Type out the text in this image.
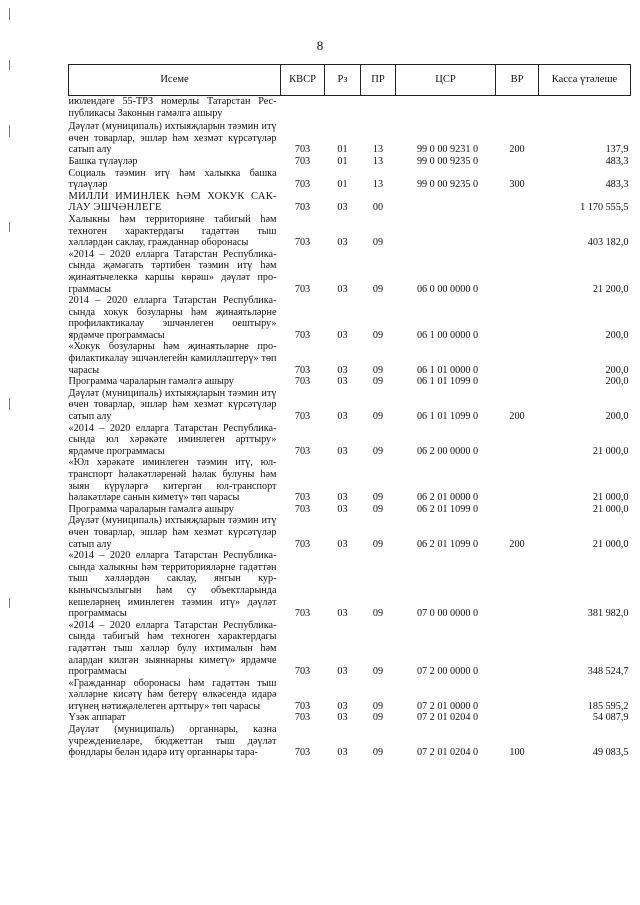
8
Исеме	КВСР	Рз	ПР	ЦСР	ВР	Касса үтәлеше
июлендәге 55-ТРЗ номерлы Татарстан Республикасы Законын гамәлгә ашыру						
Дәүләт (муниципаль) ихтыяҗларын тәэмин итү өчен товарлар, эшләр һәм хезмәт күрсәтүләр сатып алу	703	01	13	99 0 00 9231 0	200	137,9
Башка түләүләр	703	01	13	99 0 00 9235 0		483,3
Социаль тәэмин итү һәм халыкка башка түләүләр	703	01	13	99 0 00 9235 0	300	483,3
МИЛЛИ ИМИНЛЕК ҺӘМ ХОКУК САКЛАУ ЭШЧӘНЛЕГЕ	703	03	00			1 170 555,5
Халыкны һәм территорияне табигый һәм техноген характердагы гадәттән тыш хәлләрдән саклау, гражданнар оборонасы	703	03	09			403 182,0
«2014 – 2020 елларга Татарстан Республикасында җәмәгать тәртибен тәэмин итү һәм җинаятьчелеккә каршы көрәш» дәүләт программасы	703	03	09	06 0 00 0000 0		21 200,0
2014 – 2020 елларга Татарстан Республикасында хокук бозуларны һәм җинаятьләрне профилактикалау эшчәнлеген оештыру» ярдәмче программасы	703	03	09	06 1 00 0000 0		200,0
«Хокук бозуларны һәм җинаятьләрне профилактикалау эшчәнлегейн камилләштерү» төп чарасы	703	03	09	06 1 01 0000 0		200,0
Программа чараларын гамәлгә ашыру	703	03	09	06 1 01 1099 0		200,0
Дәүләт (муниципаль) ихтыяҗларын тәэмин итү өчен товарлар, эшләр һәм хезмәт күрсәтүләр сатып алу	703	03	09	06 1 01 1099 0	200	200,0
«2014 – 2020 елларга Татарстан Республикасында юл хәрәкәте иминлеген арттыру» ярдәмче программасы	703	03	09	06 2 00 0000 0		21 000,0
«Юл хәрәкәте иминлеген тәэмин итү, юл-транспорт һәлакәтләренәй һәлак булуны һәм зыян күрүләргә китергән юл-транспорт һәлакәтләре санын киметү» төп чарасы	703	03	09	06 2 01 0000 0		21 000,0
Программа чараларын гамәлгә ашыру	703	03	09	06 2 01 1099 0		21 000,0
Дәүләт (муниципаль) ихтыяҗларын тәэмин итү өчен товарлар, эшләр һәм хезмәт күрсәтүләр сатып алу	703	03	09	06 2 01 1099 0	200	21 000,0
«2014 – 2020 елларга Татарстан Республикасында халыкны һәм территорияләрне гадәттән тыш хәлләрдән саклау, янгын куркынычсызлыгын һәм су объектларында кешеләрнең иминлеген тәэмин итү» дәүләт программасы	703	03	09	07 0 00 0000 0		381 982,0
«2014 – 2020 елларга Татарстан Республикасында табигый һәм техноген характердагы гадәттән тыш хәлләр булу ихтималын һәм алардан килгән зыяннарны киметү» ярдәмче программасы	703	03	09	07 2 00 0000 0		348 524,7
«Гражданнар оборонасы һәм гадәттән тыш хәлләрне кисәтү һәм бетерү өлкәсендә идарә итүнең нәтиҗәлелеген арттыру» төп чарасы	703	03	09	07 2 01 0000 0		185 595,2
Үзәк аппарат	703	03	09	07 2 01 0204 0		54 087,9
Дәүләт (муниципаль) органнары, казна учреждениеләре, бюджеттан тыш дәүләт фондлары белән идарә итү органнары тара-	703	03	09	07 2 01 0204 0	100	49 083,5
